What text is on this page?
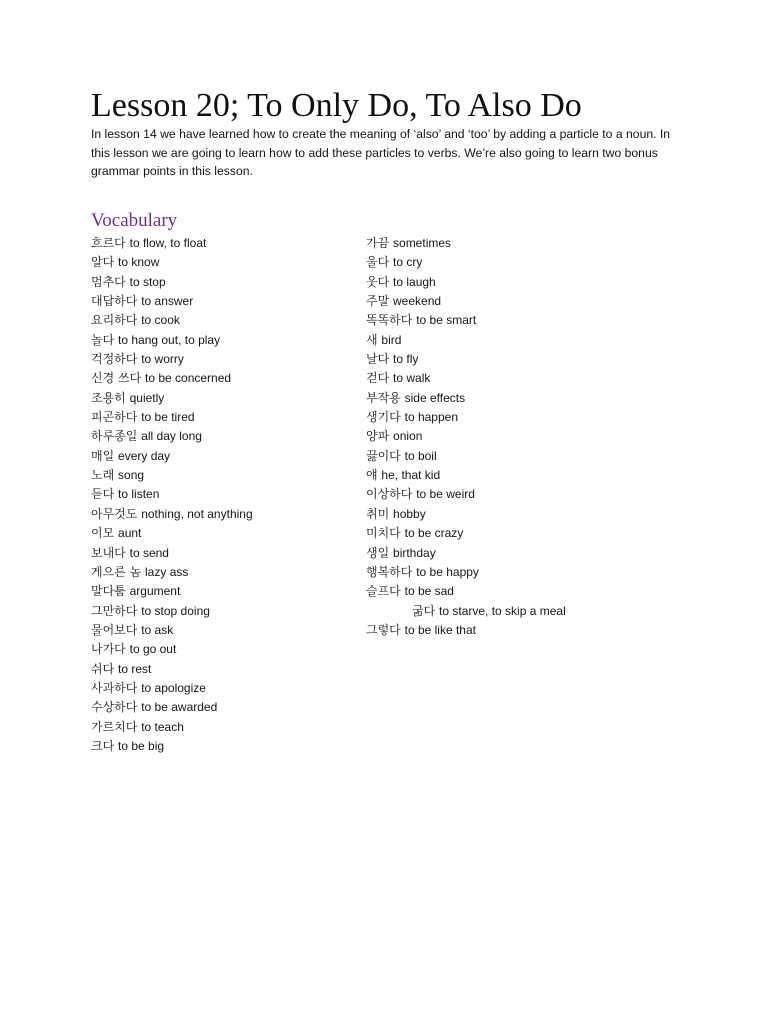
Lesson 20; To Only Do, To Also Do

In lesson 14 we have learned how to create the meaning of ‘also’ and ‘too’ by adding a particle to a noun. In this lesson we are going to learn how to add these particles to verbs. We’re also going to learn two bonus grammar points in this lesson.

Vocabulary
흐르다 to flow, to float
알다 to know
멈추다 to stop
대답하다 to answer
요리하다 to cook
놀다 to hang out, to play
걱정하다 to worry
신경 쓰다 to be concerned
조용히 quietly
피곤하다 to be tired
하루종일 all day long
매일 every day
노래 song
듣다 to listen
아무것도 nothing, not anything
이모 aunt
보내다 to send
게으른 놈 lazy ass
말다툼 argument
그만하다 to stop doing
물어보다 to ask
나가다 to go out
쉬다 to rest
사과하다 to apologize
수상하다 to be awarded
가르치다 to teach
크다 to be big
가끔 sometimes
울다 to cry
웃다 to laugh
주말 weekend
똑똑하다 to be smart
새 bird
날다 to fly
걷다 to walk
부작용 side effects
생기다 to happen
양파 onion
끓이다 to boil
얘 he, that kid
이상하다 to be weird
취미 hobby
미치다 to be crazy
생일 birthday
행복하다 to be happy
슬프다 to be sad
굶다 to starve, to skip a meal
그렇다 to be like that
